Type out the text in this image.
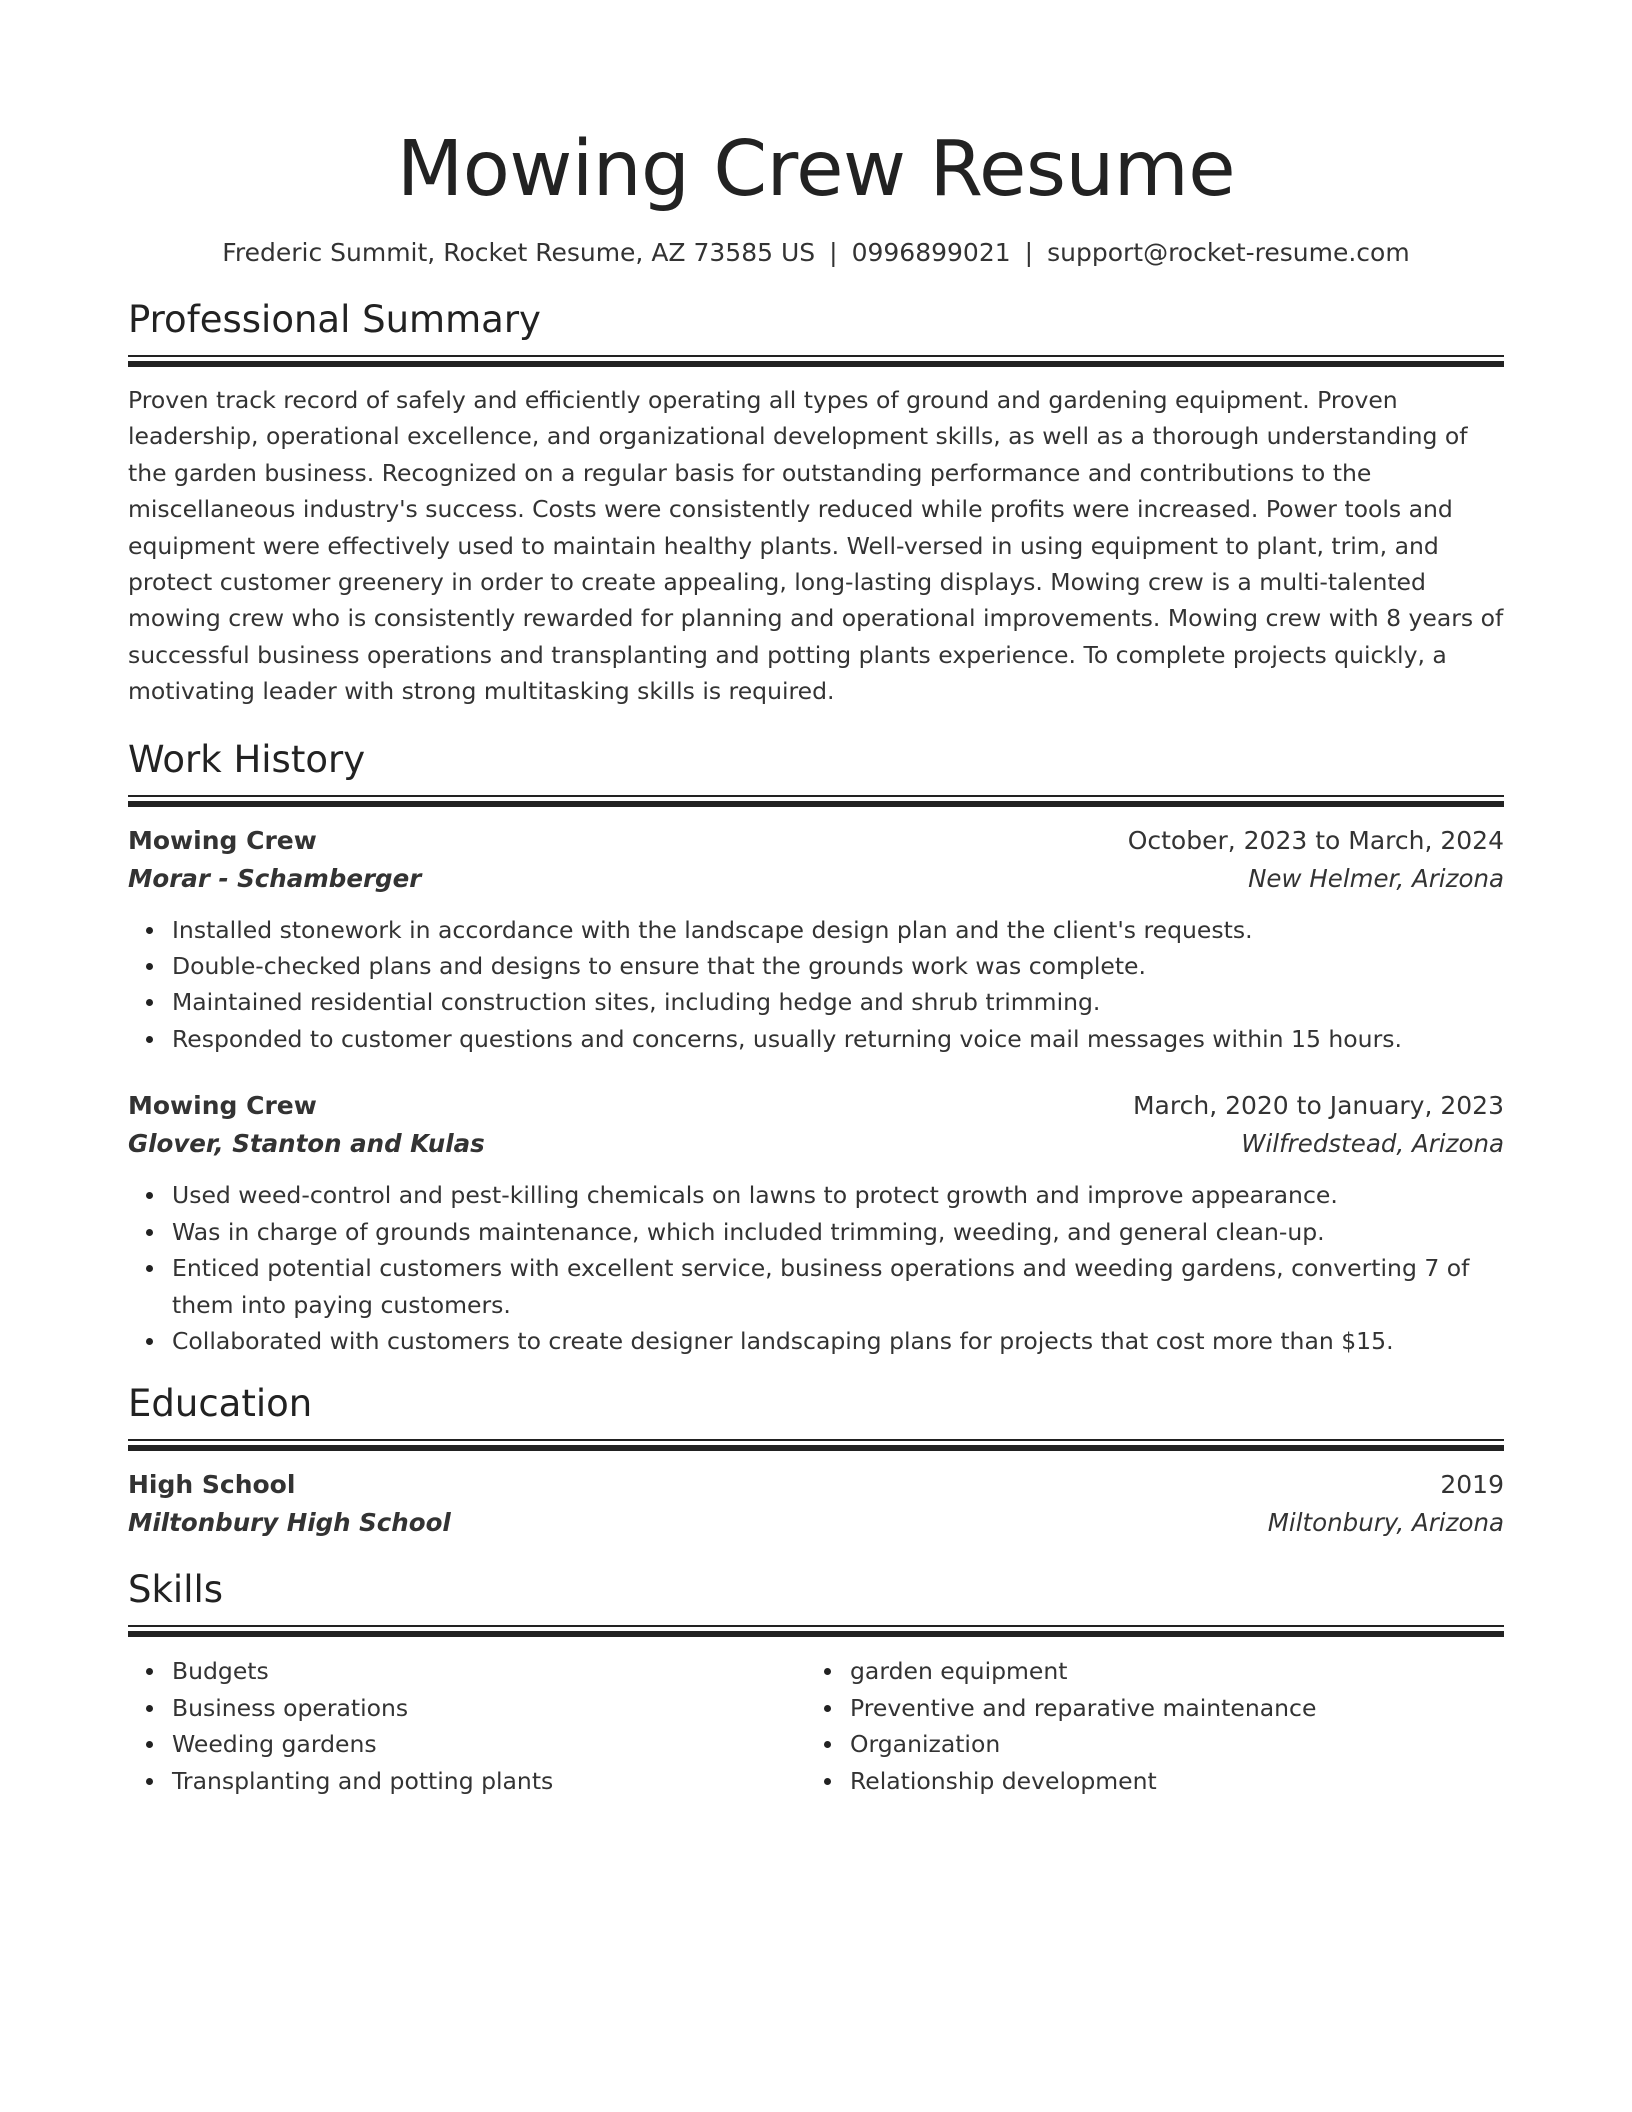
Mowing Crew Resume
Frederic Summit, Rocket Resume, AZ 73585 US | 0996899021 | support@rocket-resume.com
Professional Summary
Proven track record of safely and efficiently operating all types of ground and gardening equipment. Proven leadership, operational excellence, and organizational development skills, as well as a thorough understanding of the garden business. Recognized on a regular basis for outstanding performance and contributions to the miscellaneous industry's success. Costs were consistently reduced while profits were increased. Power tools and equipment were effectively used to maintain healthy plants. Well-versed in using equipment to plant, trim, and protect customer greenery in order to create appealing, long-lasting displays. Mowing crew is a multi-talented mowing crew who is consistently rewarded for planning and operational improvements. Mowing crew with 8 years of successful business operations and transplanting and potting plants experience. To complete projects quickly, a motivating leader with strong multitasking skills is required.
Work History
Mowing Crew	October, 2023 to March, 2024
Morar - Schamberger	New Helmer, Arizona
Installed stonework in accordance with the landscape design plan and the client's requests.
Double-checked plans and designs to ensure that the grounds work was complete.
Maintained residential construction sites, including hedge and shrub trimming.
Responded to customer questions and concerns, usually returning voice mail messages within 15 hours.
Mowing Crew	March, 2020 to January, 2023
Glover, Stanton and Kulas	Wilfredstead, Arizona
Used weed-control and pest-killing chemicals on lawns to protect growth and improve appearance.
Was in charge of grounds maintenance, which included trimming, weeding, and general clean-up.
Enticed potential customers with excellent service, business operations and weeding gardens, converting 7 of them into paying customers.
Collaborated with customers to create designer landscaping plans for projects that cost more than $15.
Education
High School	2019
Miltonbury High School	Miltonbury, Arizona
Skills
Budgets
Business operations
Weeding gardens
Transplanting and potting plants
garden equipment
Preventive and reparative maintenance
Organization
Relationship development
